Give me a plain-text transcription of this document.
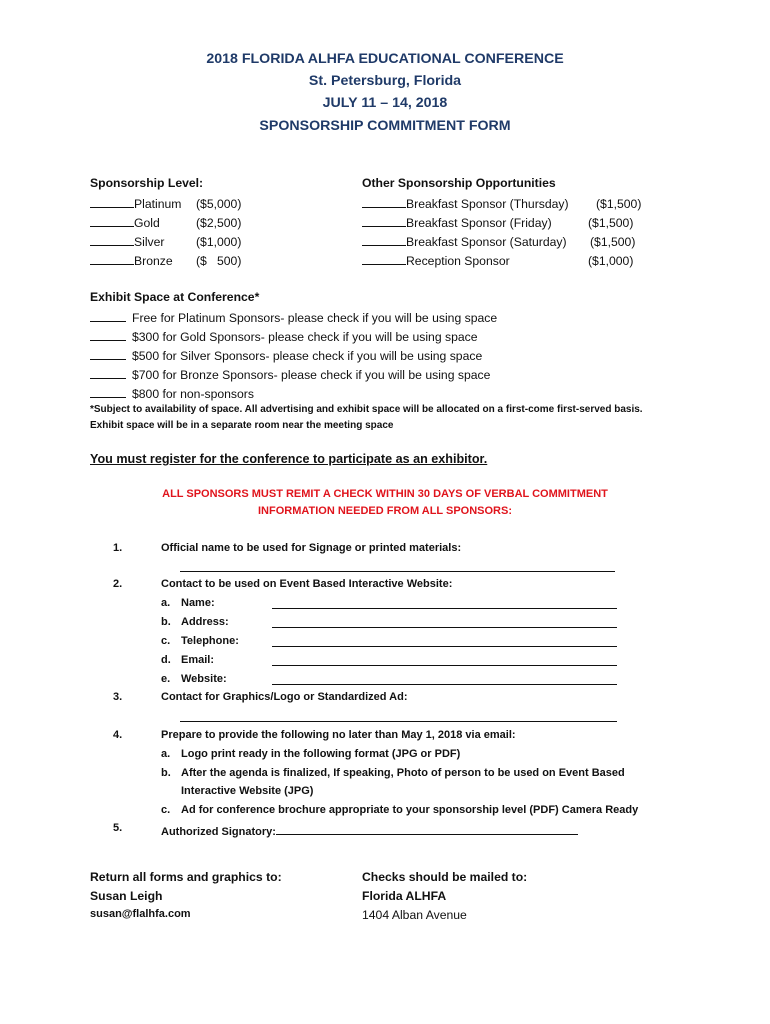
2018 FLORIDA ALHFA EDUCATIONAL CONFERENCE
St. Petersburg, Florida
JULY 11 – 14, 2018
SPONSORSHIP COMMITMENT FORM
Sponsorship Level:
Platinum ($5,000)
Gold	($2,500)
Silver	($1,000)
Bronze ($   500)
Other Sponsorship Opportunities
Breakfast Sponsor (Thursday) ($1,500)
Breakfast Sponsor (Friday)	($1,500)
Breakfast Sponsor (Saturday) ($1,500)
Reception Sponsor	($1,000)
Exhibit Space at Conference*
Free for Platinum Sponsors- please check if you will be using space
$300 for Gold Sponsors- please check if you will be using space
$500 for Silver Sponsors- please check if you will be using space
$700 for Bronze Sponsors- please check if you will be using space
$800 for non-sponsors
*Subject to availability of space. All advertising and exhibit space will be allocated on a first-come first-served basis.
Exhibit space will be in a separate room near the meeting space
You must register for the conference to participate as an exhibitor.
ALL SPONSORS MUST REMIT A CHECK WITHIN 30 DAYS OF VERBAL COMMITMENT
INFORMATION NEEDED FROM ALL SPONSORS:
1.	Official name to be used for Signage or printed materials:
2.	Contact to be used on Event Based Interactive Website:
a. Name:
b. Address:
c. Telephone:
d. Email:
e. Website:
3.	Contact for Graphics/Logo or Standardized Ad:
4.	Prepare to provide the following no later than May 1, 2018 via email:
a. Logo print ready in the following format (JPG or PDF)
b. After the agenda is finalized, If speaking, Photo of person to be used on Event Based
Interactive Website (JPG)
c. Ad for conference brochure appropriate to your sponsorship level (PDF) Camera Ready
5.	Authorized Signatory:
Return all forms and graphics to:
Susan Leigh
susan@flalhfa.com
Checks should be mailed to:
Florida ALHFA
1404 Alban Avenue
